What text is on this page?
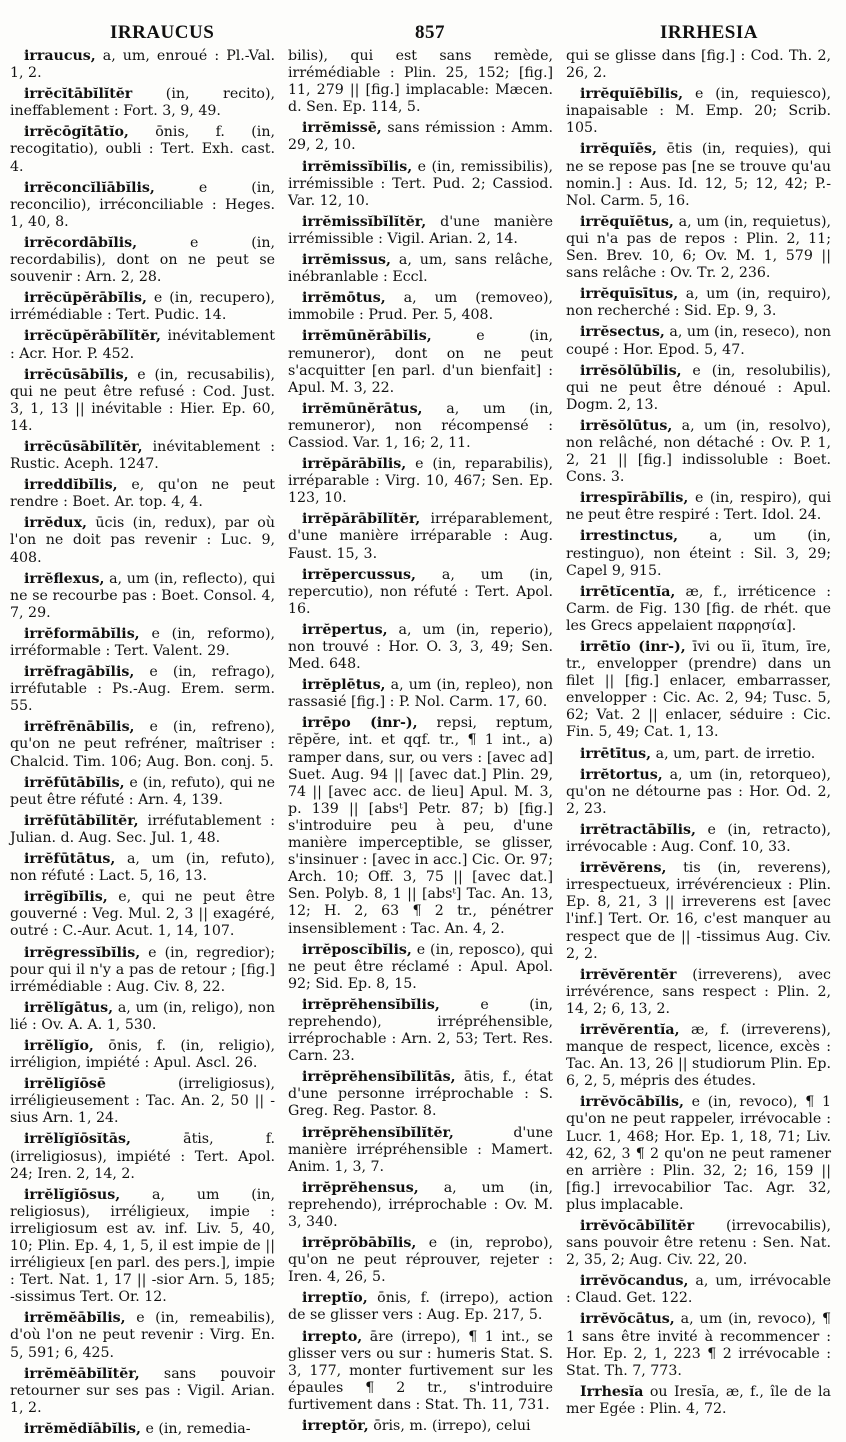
IRRAUCUS	857	IRRHESIA

irraucus, a, um, enroué : Pl.-Val. 1, 2.

irrĕcĭtābĭlĭtĕr (in, recito), ineffablement : Fort. 3, 9, 49.

irrĕcōgĭtātĭo, ōnis, f. (in, recogitatio), oubli : Tert. Exh. cast. 4.

irrĕconcĭlĭābĭlis, e (in, reconcilio), irréconciliable : Heges. 1, 40, 8.

irrĕcordābĭlis, e (in, recordabilis), dont on ne peut se souvenir : Arn. 2, 28.

irrĕcŭpĕrābĭlis, e (in, recupero), irrémédiable : Tert. Pudic. 14.

irrĕcŭpĕrābĭlĭtĕr, inévitablement : Acr. Hor. P. 452.

irrĕcūsābĭlis, e (in, recusabilis), qui ne peut être refusé : Cod. Just. 3, 1, 13 || inévitable : Hier. Ep. 60, 14.

irrĕcūsābĭlĭtĕr, inévitablement : Rustic. Aceph. 1247.

irreddĭbĭlis, e, qu'on ne peut rendre : Boet. Ar. top. 4, 4.

irrĕdux, ūcis (in, redux), par où l'on ne doit pas revenir : Luc. 9, 408.

irrĕflexus, a, um (in, reflecto), qui ne se recourbe pas : Boet. Consol. 4, 7, 29.

irrĕformābĭlis, e (in, reformo), irréformable : Tert. Valent. 29.

irrĕfragābĭlis, e (in, refrago), irréfutable : Ps.-Aug. Erem. serm. 55.

irrĕfrēnābĭlis, e (in, refreno), qu'on ne peut refréner, maîtriser : Chalcid. Tim. 106; Aug. Bon. conj. 5.

irrĕfūtābĭlis, e (in, refuto), qui ne peut être réfuté : Arn. 4, 139.

irrĕfūtābĭlĭtĕr, irréfutablement : Julian. d. Aug. Sec. Jul. 1, 48.

irrĕfūtātus, a, um (in, refuto), non réfuté : Lact. 5, 16, 13.

irrĕgĭbĭlis, e, qui ne peut être gouverné : Veg. Mul. 2, 3 || exagéré, outré : C.-Aur. Acut. 1, 14, 107.

irrĕgressĭbĭlis, e (in, regredior); pour qui il n'y a pas de retour ; [fig.] irrémédiable : Aug. Civ. 8, 22.

irrĕlĭgātus, a, um (in, religo), non lié : Ov. A. A. 1, 530.

irrĕlĭgĭo, ōnis, f. (in, religio), irréligion, impiété : Apul. Ascl. 26.

irrĕlĭgĭōsē (irreligiosus), irréligieusement : Tac. An. 2, 50 || -sius Arn. 1, 24.

irrĕlĭgĭōsĭtās, ātis, f. (irreligiosus), impiété : Tert. Apol. 24; Iren. 2, 14, 2.

irrĕlĭgĭōsus, a, um (in, religiosus), irréligieux, impie : irreligiosum est av. inf. Liv. 5, 40, 10; Plin. Ep. 4, 1, 5, il est impie de || irréligieux [en parl. des pers.], impie : Tert. Nat. 1, 17 || -sior Arn. 5, 185; -sissimus Tert. Or. 12.

irrĕmĕābĭlis, e (in, remeabilis), d'où l'on ne peut revenir : Virg. En. 5, 591; 6, 425.

irrĕmĕābĭlĭtĕr, sans pouvoir retourner sur ses pas : Vigil. Arian. 1, 2.

irrĕmĕdĭābĭlis, e (in, remedia-

bilis), qui est sans remède, irrémédiable : Plin. 25, 152; [fig.] 11, 279 || [fig.] implacable: Mæcen. d. Sen. Ep. 114, 5.

irrĕmissē, sans rémission : Amm. 29, 2, 10.

irrĕmissĭbĭlis, e (in, remissibilis), irrémissible : Tert. Pud. 2; Cassiod. Var. 12, 10.

irrĕmissĭbĭlĭtĕr, d'une manière irrémissible : Vigil. Arian. 2, 14.

irrĕmissus, a, um, sans relâche, inébranlable : Eccl.

irrĕmōtus, a, um (removeo), immobile : Prud. Per. 5, 408.

irrĕmūnĕrābĭlis, e (in, remuneror), dont on ne peut s'acquitter [en parl. d'un bienfait] : Apul. M. 3, 22.

irrĕmūnĕrātus, a, um (in, remuneror), non récompensé : Cassiod. Var. 1, 16; 2, 11.

irrĕpărābĭlis, e (in, reparabilis), irréparable : Virg. 10, 467; Sen. Ep. 123, 10.

irrĕpărābĭlĭtĕr, irréparablement, d'une manière irréparable : Aug. Faust. 15, 3.

irrĕpercussus, a, um (in, repercutio), non réfuté : Tert. Apol. 16.

irrĕpertus, a, um (in, reperio), non trouvé : Hor. O. 3, 3, 49; Sen. Med. 648.

irrĕplētus, a, um (in, repleo), non rassasié [fig.] : P. Nol. Carm. 17, 60.

irrēpo (inr-), repsi, reptum, rēpĕre, int. et qqf. tr., ¶ 1 int., a) ramper dans, sur, ou vers : [avec ad] Suet. Aug. 94 || [avec dat.] Plin. 29, 74 || [avec acc. de lieu] Apul. M. 3, p. 139 || [absᵗ] Petr. 87; b) [fig.] s'introduire peu à peu, d'une manière imperceptible, se glisser, s'insinuer : [avec in acc.] Cic. Or. 97; Arch. 10; Off. 3, 75 || [avec dat.] Sen. Polyb. 8, 1 || [absᵗ] Tac. An. 13, 12; H. 2, 63 ¶ 2 tr., pénétrer insensiblement : Tac. An. 4, 2.

irrĕposcĭbĭlis, e (in, reposco), qui ne peut être réclamé : Apul. Apol. 92; Sid. Ep. 8, 15.

irrĕprĕhensĭbĭlis, e (in, reprehendo), irrépréhensible, irréprochable : Arn. 2, 53; Tert. Res. Carn. 23.

irrĕprĕhensĭbĭlĭtās, ātis, f., état d'une personne irréprochable : S. Greg. Reg. Pastor. 8.

irrĕprĕhensĭbĭlĭtĕr, d'une manière irrépréhensible : Mamert. Anim. 1, 3, 7.

irrĕprĕhensus, a, um (in, reprehendo), irréprochable : Ov. M. 3, 340.

irrĕprŏbābĭlis, e (in, reprobo), qu'on ne peut réprouver, rejeter : Iren. 4, 26, 5.

irreptĭo, ōnis, f. (irrepo), action de se glisser vers : Aug. Ep. 217, 5.

irrepto, āre (irrepo), ¶ 1 int., se glisser vers ou sur : humeris Stat. S. 3, 177, monter furtivement sur les épaules ¶ 2 tr., s'introduire furtivement dans : Stat. Th. 11, 731.

irreptŏr, ōris, m. (irrepo), celui

qui se glisse dans [fig.] : Cod. Th. 2, 26, 2.

irrĕquĭēbĭlis, e (in, requiesco), inapaisable : M. Emp. 20; Scrib. 105.

irrĕquĭēs, ētis (in, requies), qui ne se repose pas [ne se trouve qu'au nomin.] : Aus. Id. 12, 5; 12, 42; P.-Nol. Carm. 5, 16.

irrĕquĭētus, a, um (in, requietus), qui n'a pas de repos : Plin. 2, 11; Sen. Brev. 10, 6; Ov. M. 1, 579 || sans relâche : Ov. Tr. 2, 236.

irrĕquīsītus, a, um (in, requiro), non recherché : Sid. Ep. 9, 3.

irrĕsectus, a, um (in, reseco), non coupé : Hor. Epod. 5, 47.

irrĕsŏlūbĭlis, e (in, resolubilis), qui ne peut être dénoué : Apul. Dogm. 2, 13.

irrĕsŏlūtus, a, um (in, resolvo), non relâché, non détaché : Ov. P. 1, 2, 21 || [fig.] indissoluble : Boet. Cons. 3.

irrespīrābĭlis, e (in, respiro), qui ne peut être respiré : Tert. Idol. 24.

irrestinctus, a, um (in, restinguo), non éteint : Sil. 3, 29; Capel 9, 915.

irrētĭcentĭa, æ, f., irréticence : Carm. de Fig. 130 [fig. de rhét. que les Grecs appelaient παρρησία].

irrētĭo (inr-), īvi ou ĭi, ītum, īre, tr., envelopper (prendre) dans un filet || [fig.] enlacer, embarrasser, envelopper : Cic. Ac. 2, 94; Tusc. 5, 62; Vat. 2 || enlacer, séduire : Cic. Fin. 5, 49; Cat. 1, 13.

irrētītus, a, um, part. de irretio.

irrĕtortus, a, um (in, retorqueo), qu'on ne détourne pas : Hor. Od. 2, 2, 23.

irrĕtractābĭlis, e (in, retracto), irrévocable : Aug. Conf. 10, 33.

irrĕvĕrens, tis (in, reverens), irrespectueux, irrévérencieux : Plin. Ep. 8, 21, 3 || irreverens est [avec l'inf.] Tert. Or. 16, c'est manquer au respect que de || -tissimus Aug. Civ. 2, 2.

irrĕvĕrentĕr (irreverens), avec irrévérence, sans respect : Plin. 2, 14, 2; 6, 13, 2.

irrĕvĕrentĭa, æ, f. (irreverens), manque de respect, licence, excès : Tac. An. 13, 26 || studiorum Plin. Ep. 6, 2, 5, mépris des études.

irrĕvŏcābĭlis, e (in, revoco), ¶ 1 qu'on ne peut rappeler, irrévocable : Lucr. 1, 468; Hor. Ep. 1, 18, 71; Liv. 42, 62, 3 ¶ 2 qu'on ne peut ramener en arrière : Plin. 32, 2; 16, 159 || [fig.] irrevocabilior Tac. Agr. 32, plus implacable.

irrĕvŏcābĭlĭtĕr (irrevocabilis), sans pouvoir être retenu : Sen. Nat. 2, 35, 2; Aug. Civ. 22, 20.

irrĕvŏcandus, a, um, irrévocable : Claud. Get. 122.

irrĕvŏcātus, a, um (in, revoco), ¶ 1 sans être invité à recommencer : Hor. Ep. 2, 1, 223 ¶ 2 irrévocable : Stat. Th. 7, 773.

Irrhesĭa ou Iresĭa, æ, f., île de la mer Egée : Plin. 4, 72.
